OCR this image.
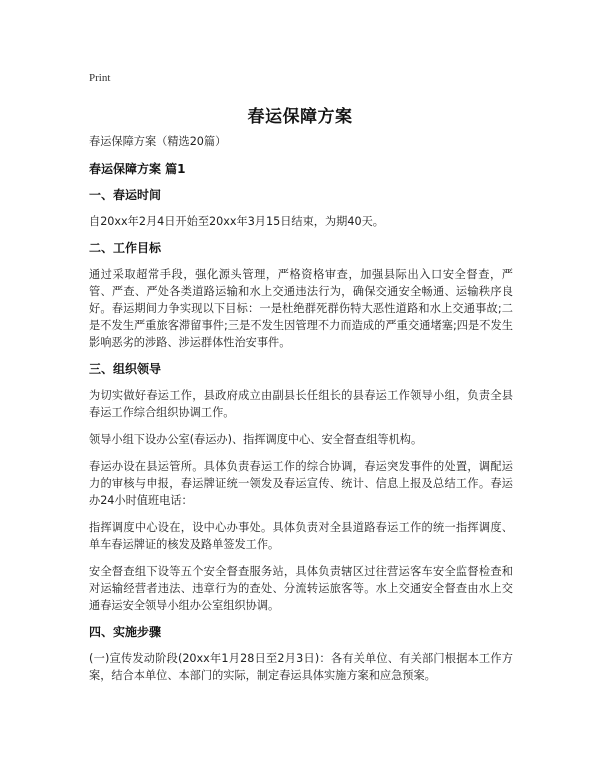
Print
春运保障方案

春运保障方案（精选20篇）

春运保障方案 篇1
一、春运时间

自20xx年2月4日开始至20xx年3月15日结束，为期40天。

二、工作目标

通过采取超常手段，强化源头管理，严格资格审查，加强县际出入口安全督查，严管、严查、严处各类道路运输和水上交通违法行为，确保交通安全畅通、运输秩序良好。春运期间力争实现以下目标：一是杜绝群死群伤特大恶性道路和水上交通事故;二是不发生严重旅客滞留事件;三是不发生因管理不力而造成的严重交通堵塞;四是不发生影响恶劣的涉路、涉运群体性治安事件。

三、组织领导

为切实做好春运工作，县政府成立由副县长任组长的县春运工作领导小组，负责全县春运工作综合组织协调工作。

领导小组下设办公室(春运办)、指挥调度中心、安全督查组等机构。

春运办设在县运管所。具体负责春运工作的综合协调，春运突发事件的处置，调配运力的审核与申报，春运牌证统一领发及春运宣传、统计、信息上报及总结工作。春运办24小时值班电话：

指挥调度中心设在，设中心办事处。具体负责对全县道路春运工作的统一指挥调度、单车春运牌证的核发及路单签发工作。

安全督查组下设等五个安全督查服务站，具体负责辖区过往营运客车安全监督检查和对运输经营者违法、违章行为的查处、分流转运旅客等。水上交通安全督查由水上交通春运安全领导小组办公室组织协调。

四、实施步骤

(一)宣传发动阶段(20xx年1月28日至2月3日)：各有关单位、有关部门根据本工作方案，结合本单位、本部门的实际，制定春运具体实施方案和应急预案。
